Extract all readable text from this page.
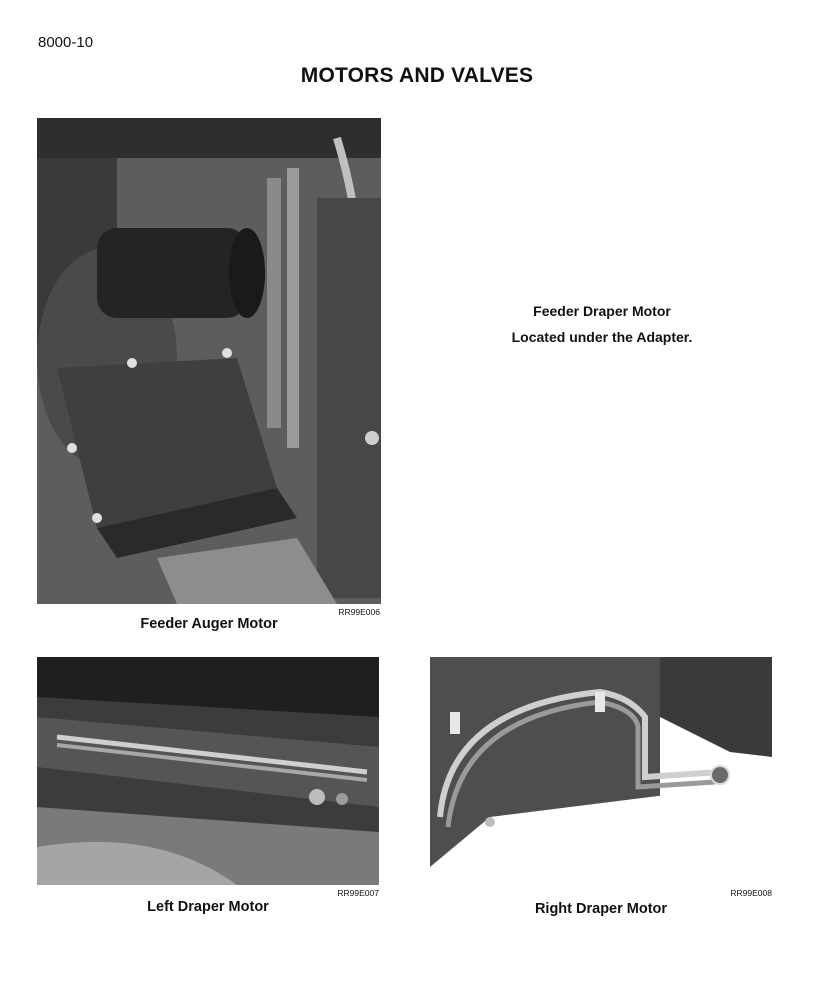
8000-10
MOTORS AND VALVES
RR99E006
Feeder Auger Motor
Feeder Draper Motor
Located under the Adapter.
RR99E007
Left Draper Motor
RR99E008
Right Draper Motor
